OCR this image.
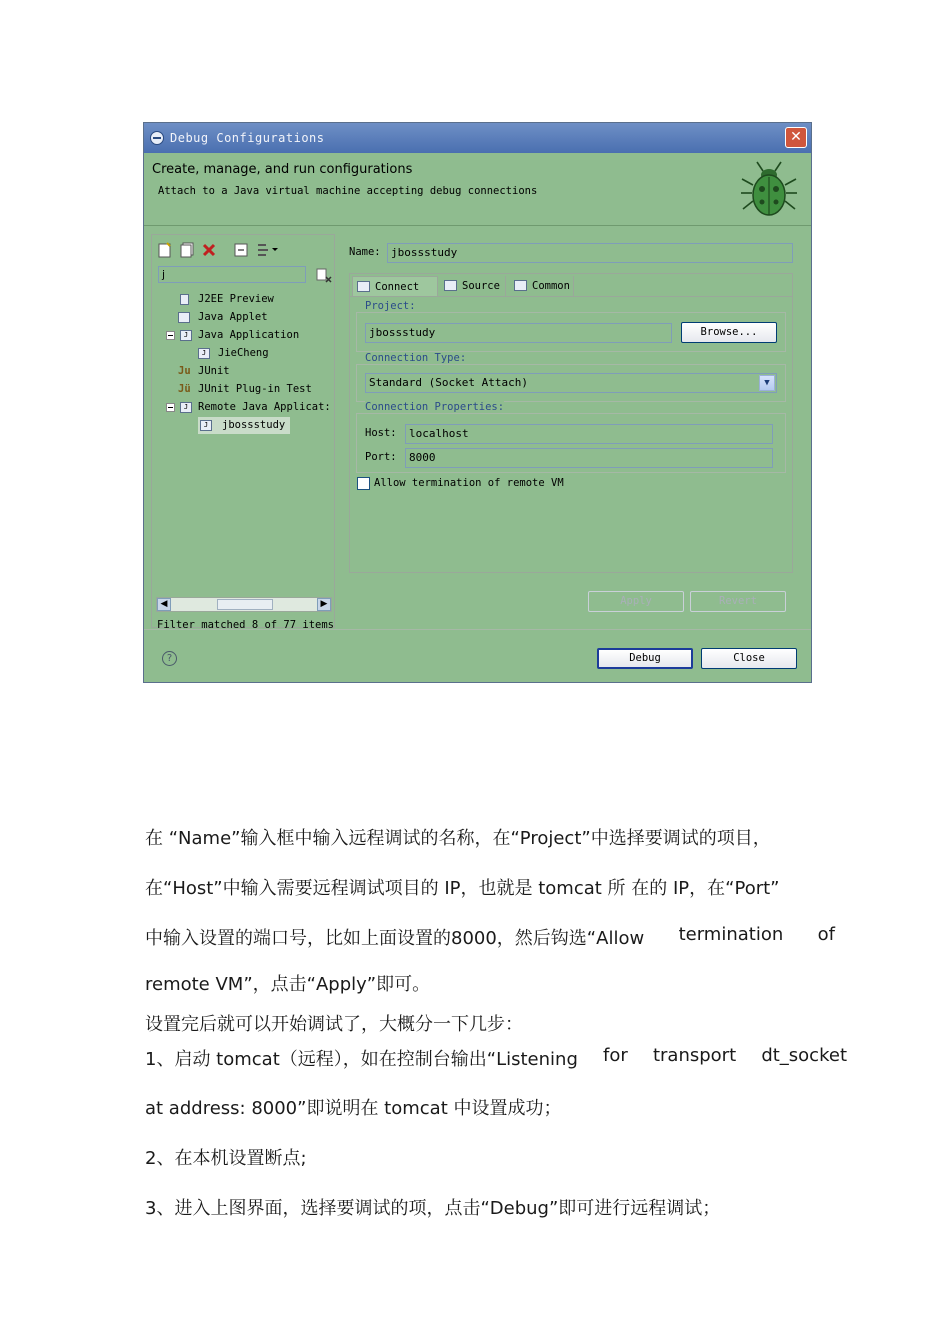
Debug Configurations	✕
Create, manage, and run configurations
Attach to a Java virtual machine accepting debug connections
j
J2EE Preview
Java Applet
J Java Application
J	JieCheng
Ju JUnit
Jü JUnit Plug-in Test
J Remote Java Applicat:
J	jbossstudy
◀	▶
Filter matched 8 of 77 items
Name: jbossstudy
Connect	Source	Common
Project:
jbossstudy	Browse...
Connection Type:
Standard (Socket Attach)	▼
Connection Properties:
Host:	localhost
Port:	8000
Allow termination of remote VM
Apply	Revert
?	Debug	Close
在 “Name”输入框中输入远程调试的名称，在“Project”中选择要调试的项目，
在“Host”中输入需要远程调试项目的 IP，也就是 tomcat 所 在的 IP，在“Port”
中输入设置的端口号，比如上面设置的8000，然后钩选“Allow termination of
remote VM”，点击“Apply”即可。
设置完后就可以开始调试了，大概分一下几步：
1、启动 tomcat（远程），如在控制台输出“Listening for transport dt_socket
at address: 8000”即说明在 tomcat 中设置成功；
2、在本机设置断点;
3、进入上图界面，选择要调试的项，点击“Debug”即可进行远程调试；
